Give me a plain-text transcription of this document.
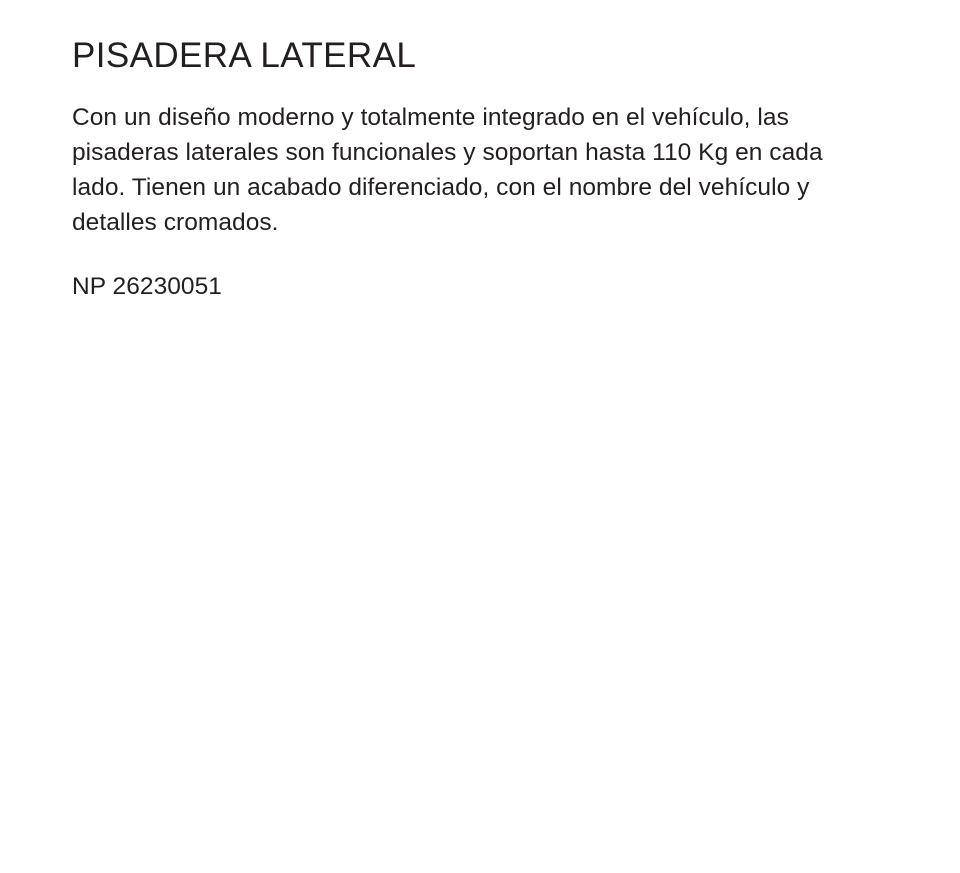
PISADERA LATERAL

Con un diseño moderno y totalmente integrado en el vehículo, las pisaderas laterales son funcionales y soportan hasta 110 Kg en cada lado. Tienen un acabado diferenciado, con el nombre del vehículo y detalles cromados.

NP 26230051
